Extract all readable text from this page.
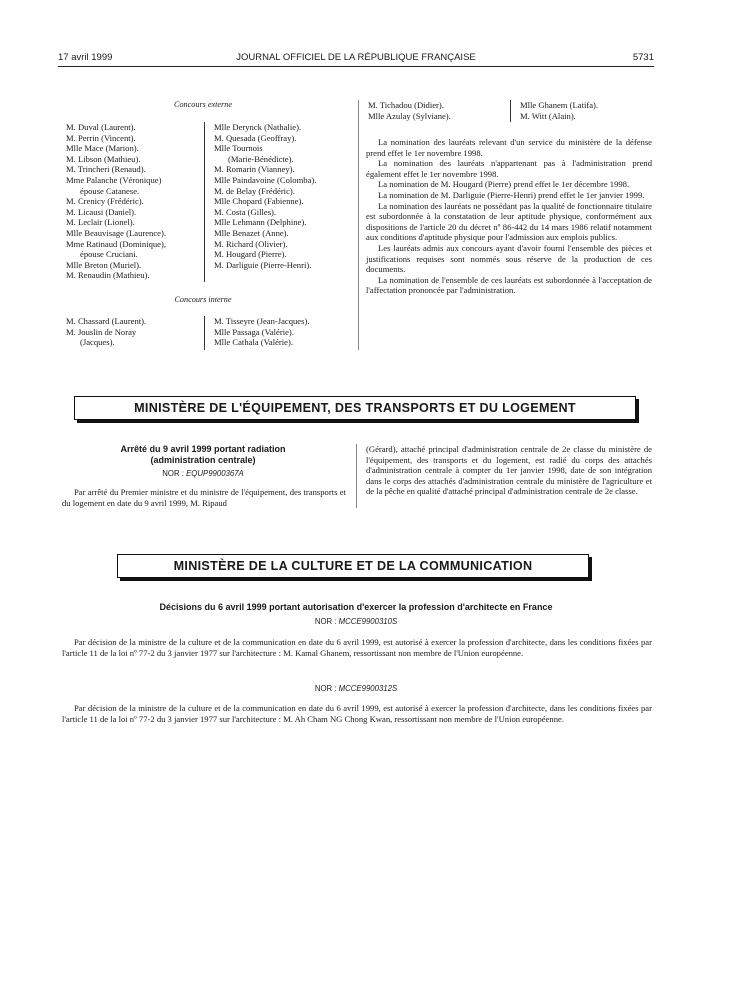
17 avril 1999	JOURNAL OFFICIEL DE LA RÉPUBLIQUE FRANÇAISE	5731
Concours externe
M. Duval (Laurent).
M. Perrin (Vincent).
Mlle Mace (Marion).
M. Libson (Mathieu).
M. Trincheri (Renaud).
Mme Palanche (Véronique)
épouse Catanese.
M. Crenicy (Frédéric).
M. Licausi (Daniel).
M. Leclair (Lionel).
Mlle Beauvisage (Laurence).
Mme Ratinaud (Dominique),
épouse Cruciani.
Mlle Breton (Muriel).
M. Renaudin (Mathieu).
Mlle Derynck (Nathalie).
M. Quesada (Geoffray).
Mlle Tournois
(Marie-Bénédicte).
M. Romarin (Vianney).
Mlle Paindavoine (Colomba).
M. de Belay (Frédéric).
Mlle Chopard (Fabienne).
M. Costa (Gilles).
Mlle Lehmann (Delphine).
Mlle Benazet (Anne).
M. Richard (Olivier).
M. Hougard (Pierre).
M. Darliguie (Pierre-Henri).
Concours interne
M. Chassard (Laurent).
M. Jouslin de Noray
(Jacques).
M. Tisseyre (Jean-Jacques).
Mlle Passaga (Valérie).
Mlle Cathala (Valérie).
M. Tichadou (Didier).
Mlle Azulay (Sylviane).
Mlle Ghanem (Latifa).
M. Witt (Alain).

La nomination des lauréats relevant d'un service du ministère de la défense prend effet le 1er novembre 1998.

La nomination des lauréats n'appartenant pas à l'administration prend également effet le 1er novembre 1998.

La nomination de M. Hougard (Pierre) prend effet le 1er décembre 1998.

La nomination de M. Darliguie (Pierre-Henri) prend effet le 1er janvier 1999.

La nomination des lauréats ne possédant pas la qualité de fonctionnaire titulaire est subordonnée à la constatation de leur aptitude physique, conformément aux dispositions de l'article 20 du décret nº 86-442 du 14 mars 1986 relatif notamment aux conditions d'aptitude physique pour l'admission aux emplois publics.

Les lauréats admis aux concours ayant d'avoir fourni l'ensemble des pièces et justifications requises sont nommés sous réserve de la production de ces documents.

La nomination de l'ensemble de ces lauréats est subordonnée à l'acceptation de l'affectation prononcée par l'administration.

MINISTÈRE DE L'ÉQUIPEMENT, DES TRANSPORTS ET DU LOGEMENT
Arrêté du 9 avril 1999 portant radiation
(administration centrale)
NOR : EQUP9900367A

Par arrêté du Premier ministre et du ministre de l'équipement, des transports et du logement en date du 9 avril 1999, M. Ripaud

(Gérard), attaché principal d'administration centrale de 2e classe du ministère de l'équipement, des transports et du logement, est radié du corps des attachés d'administration centrale à compter du 1er janvier 1998, date de son intégration dans le corps des attachés d'administration centrale du ministère de l'agriculture et de la pêche en qualité d'attaché principal d'administration centrale de 2e classe.

MINISTÈRE DE LA CULTURE ET DE LA COMMUNICATION
Décisions du 6 avril 1999 portant autorisation d'exercer la profession d'architecte en France
NOR : MCCE9900310S

Par décision de la ministre de la culture et de la communication en date du 6 avril 1999, est autorisé à exercer la profession d'architecte, dans les conditions fixées par l'article 11 de la loi nº 77-2 du 3 janvier 1977 sur l'architecture : M. Kamal Ghanem, ressortissant non membre de l'Union européenne.

NOR : MCCE9900312S

Par décision de la ministre de la culture et de la communication en date du 6 avril 1999, est autorisé à exercer la profession d'architecte, dans les conditions fixées par l'article 11 de la loi nº 77-2 du 3 janvier 1977 sur l'architecture : M. Ah Cham NG Chong Kwan, ressortissant non membre de l'Union européenne.
